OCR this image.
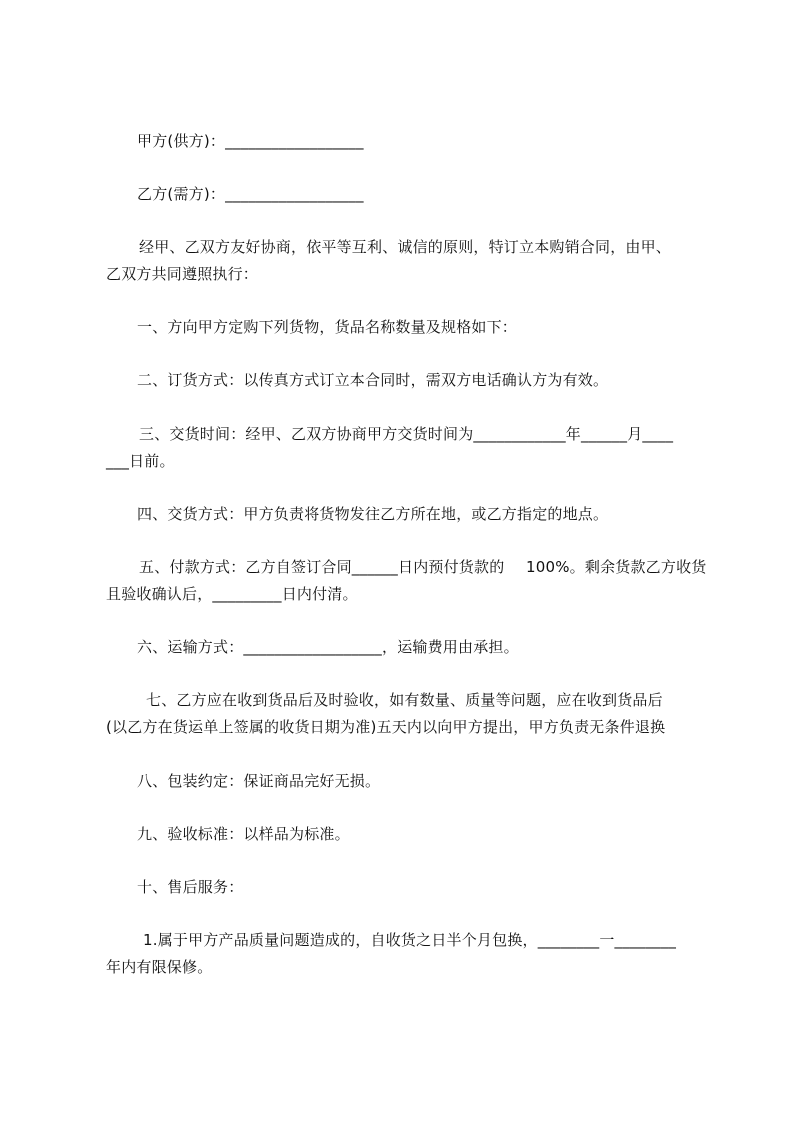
甲方(供方)：__________________
乙方(需方)：__________________
经甲、乙双方友好协商，依平等互利、诚信的原则，特订立本购销合同，由甲、
乙双方共同遵照执行：
一、方向甲方定购下列货物，货品名称数量及规格如下：
二、订货方式：以传真方式订立本合同时，需双方电话确认方为有效。
三、交货时间：经甲、乙双方协商甲方交货时间为____________年______月____
___日前。
四、交货方式：甲方负责将货物发往乙方所在地，或乙方指定的地点。
五、付款方式：乙方自签订合同______日内预付货款的 100%。剩余货款乙方收货
且验收确认后，_________日内付清。
六、运输方式：__________________，运输费用由承担。
七、乙方应在收到货品后及时验收，如有数量、质量等问题，应在收到货品后
(以乙方在货运单上签属的收货日期为准)五天内以向甲方提出，甲方负责无条件退换
八、包装约定：保证商品完好无损。
九、验收标准：以样品为标准。
十、售后服务：
1.属于甲方产品质量问题造成的，自收货之日半个月包换，________一________
年内有限保修。
